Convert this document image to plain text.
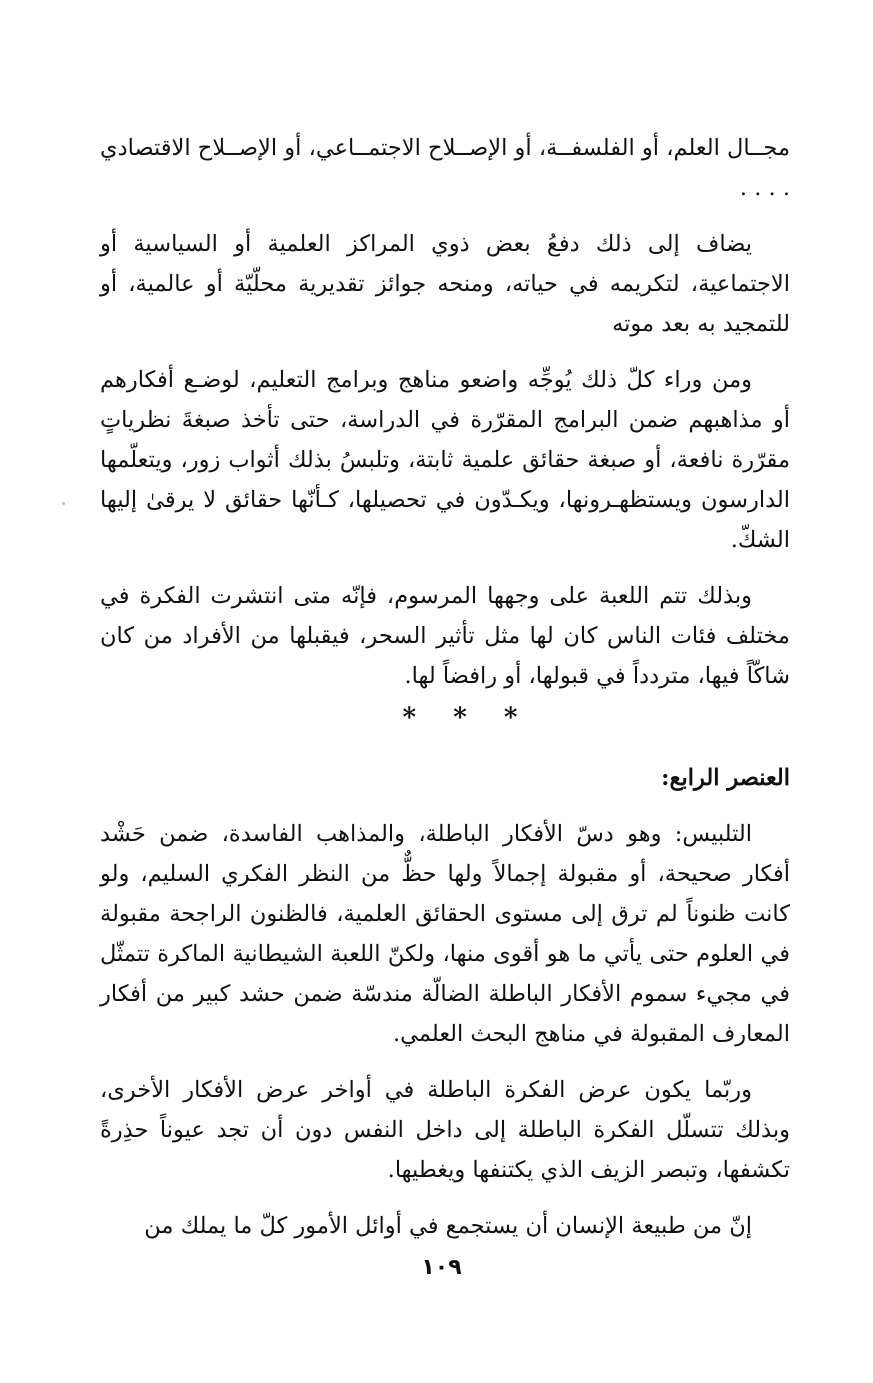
مجــال العلم، أو الفلسفــة، أو الإصــلاح الاجتمــاعي، أو الإصــلاح الاقتصادي . . . .

يضاف إلى ذلك دفعُ بعض ذوي المراكز العلمية أو السياسية أو الاجتماعية، لتكريمه في حياته، ومنحه جوائز تقديرية محلّيّة أو عالمية، أو للتمجيد به بعد موته

ومن وراء كلّ ذلك يُوجِّه واضعو مناهج وبرامج التعليم، لوضـع أفكارهم أو مذاهبهم ضمن البرامج المقرّرة في الدراسة، حتى تأخذ صبغةَ نظرياتٍ مقرّرة نافعة، أو صبغة حقائق علمية ثابتة، وتلبسُ بذلك أثواب زور، ويتعلّمها الدارسون ويستظهـرونها، ويكـدّون في تحصيلها، كـأنّها حقائق لا يرقىٰ إليها الشكّ.

وبذلك تتم اللعبة على وجهها المرسوم، فإنّه متى انتشرت الفكرة في مختلف فئات الناس كان لها مثل تأثير السحر، فيقبلها من الأفراد من كان شاكّاً فيها، متردداً في قبولها، أو رافضاً لها.

* * *
العنصر الرابع:

التلبيس: وهو دسّ الأفكار الباطلة، والمذاهب الفاسدة، ضمن حَشْد أفكار صحيحة، أو مقبولة إجمالاً ولها حظٌّ من النظر الفكري السليم، ولو كانت ظنوناً لم ترق إلى مستوى الحقائق العلمية، فالظنون الراجحة مقبولة في العلوم حتى يأتي ما هو أقوى منها، ولكنّ اللعبة الشيطانية الماكرة تتمثّل في مجيء سموم الأفكار الباطلة الضالّة مندسّة ضمن حشد كبير من أفكار المعارف المقبولة في مناهج البحث العلمي.

وربّما يكون عرض الفكرة الباطلة في أواخر عرض الأفكار الأخرى، وبذلك تتسلّل الفكرة الباطلة إلى داخل النفس دون أن تجد عيوناً حذِرةً تكشفها، وتبصر الزيف الذي يكتنفها ويغطيها.

إنّ من طبيعة الإنسان أن يستجمع في أوائل الأمور كلّ ما يملك من

١٠٩
